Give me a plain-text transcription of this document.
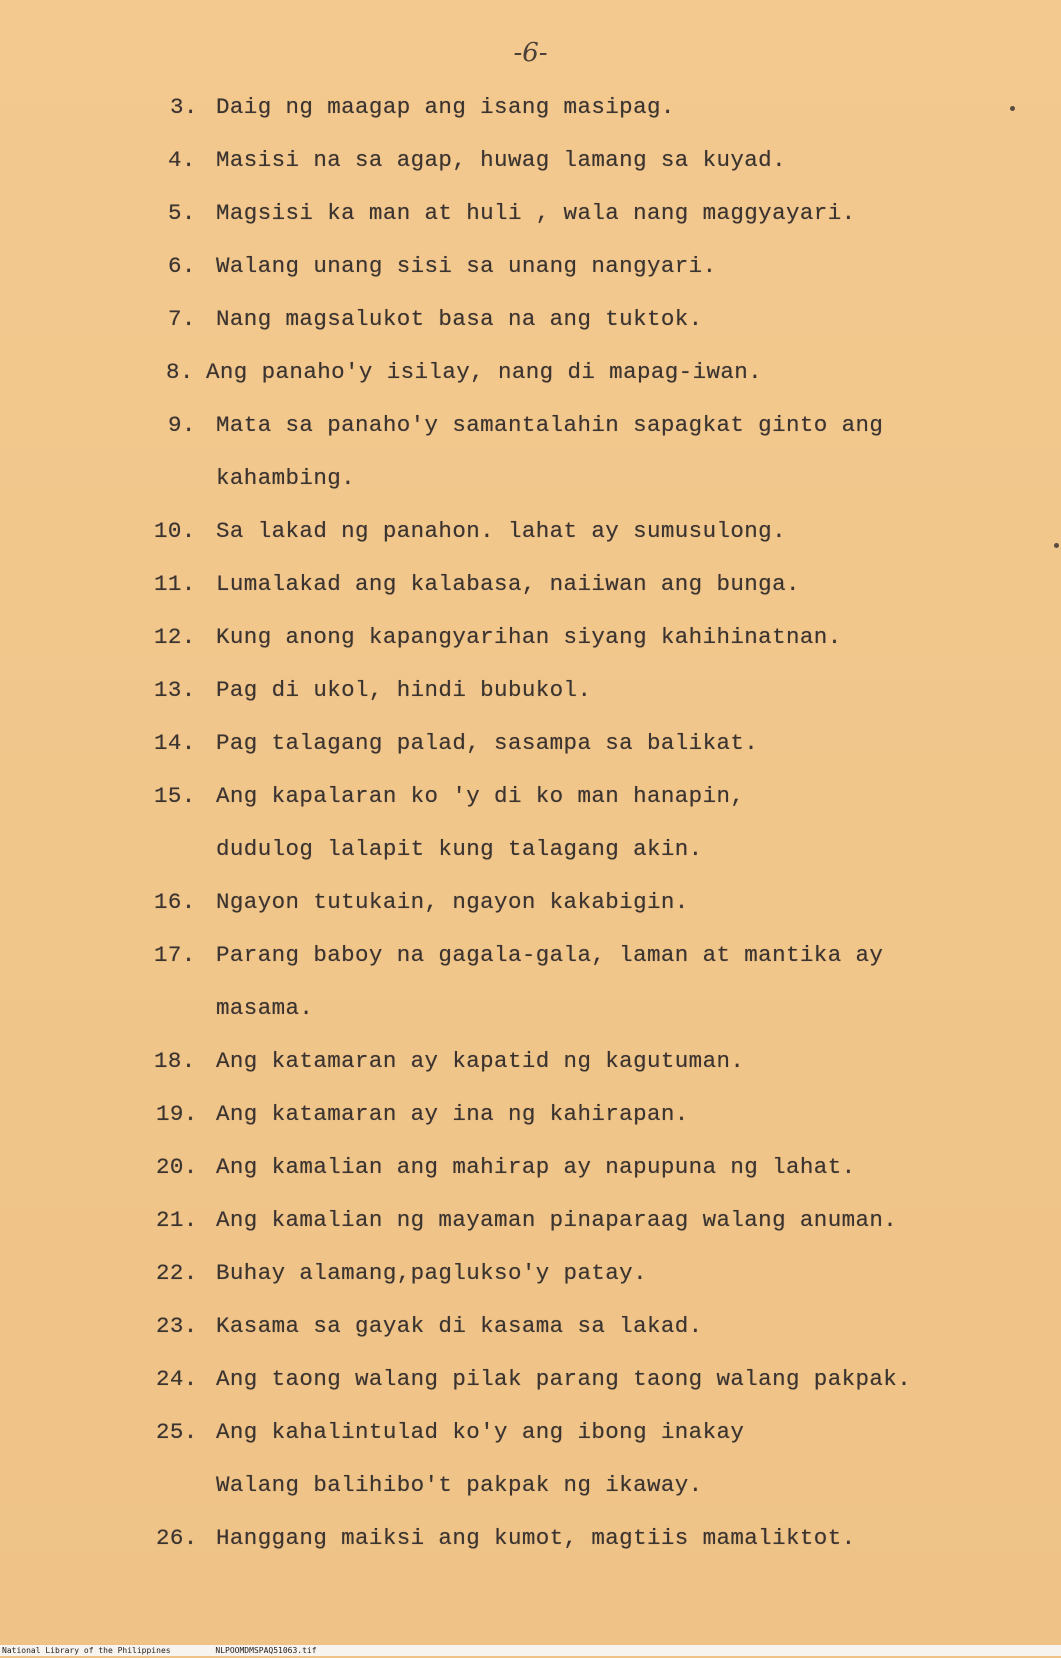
-6-
3. Daig ng maagap ang isang masipag.
4. Masisi na sa agap, huwag lamang sa kuyad.
5. Magsisi ka man at huli , wala nang maggyayari.
6. Walang unang sisi sa unang nangyari.
7. Nang magsalukot basa na ang tuktok.
8. Ang panaho'y isilay, nang di mapag-iwan.
9. Mata sa panaho'y samantalahin sapagkat ginto ang
kahambing.
10. Sa lakad ng panahon. lahat ay sumusulong.
11. Lumalakad ang kalabasa, naiiwan ang bunga.
12. Kung anong kapangyarihan siyang kahihinatnan.
13. Pag di ukol, hindi bubukol.
14. Pag talagang palad, sasampa sa balikat.
15. Ang kapalaran ko 'y di ko man hanapin,
dudulog lalapit kung talagang akin.
16. Ngayon tutukain, ngayon kakabigin.
17. Parang baboy na gagala-gala, laman at mantika ay
masama.
18. Ang katamaran ay kapatid ng kagutuman.
19. Ang katamaran ay ina ng kahirapan.
20. Ang kamalian ang mahirap ay napupuna ng lahat.
21. Ang kamalian ng mayaman pinaparaag walang anuman.
22. Buhay alamang,paglukso'y patay.
23. Kasama sa gayak di kasama sa lakad.
24. Ang taong walang pilak parang taong walang pakpak.
25. Ang kahalintulad ko'y ang ibong inakay
Walang balihibo't pakpak ng ikaway.
26. Hanggang maiksi ang kumot, magtiis mamaliktot.
National Library of the Philippines	NLPOOMDMSPAQ51063.tif
